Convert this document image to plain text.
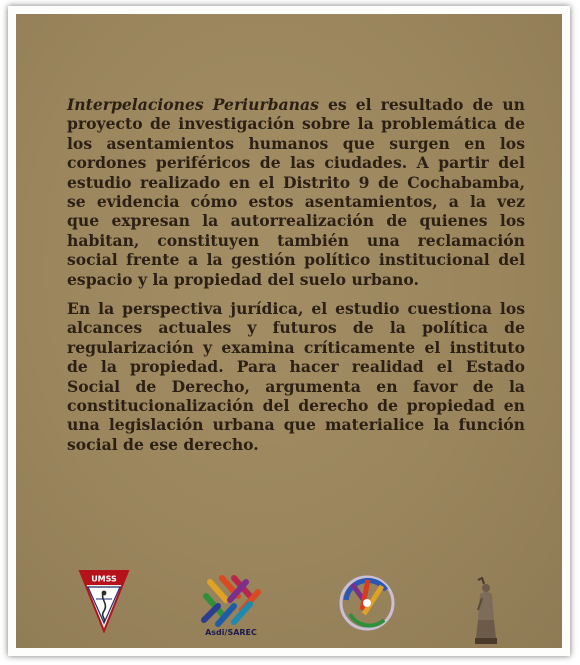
Interpelaciones Periurbanas es el resultado de un
proyecto de investigación sobre la problemática de
los asentamientos humanos que surgen en los
cordones periféricos de las ciudades. A partir del
estudio realizado en el Distrito 9 de Cochabamba,
se evidencia cómo estos asentamientos, a la vez
que expresan la autorrealización de quienes los
habitan, constituyen también una reclamación
social frente a la gestión político institucional del
espacio y la propiedad del suelo urbano.
En la perspectiva jurídica, el estudio cuestiona los
alcances actuales y futuros de la política de
regularización y examina críticamente el instituto
de la propiedad. Para hacer realidad el Estado
Social de Derecho, argumenta en favor de la
constitucionalización del derecho de propiedad en
una legislación urbana que materialice la función
social de ese derecho.
UMSS
Asdi/SAREC
